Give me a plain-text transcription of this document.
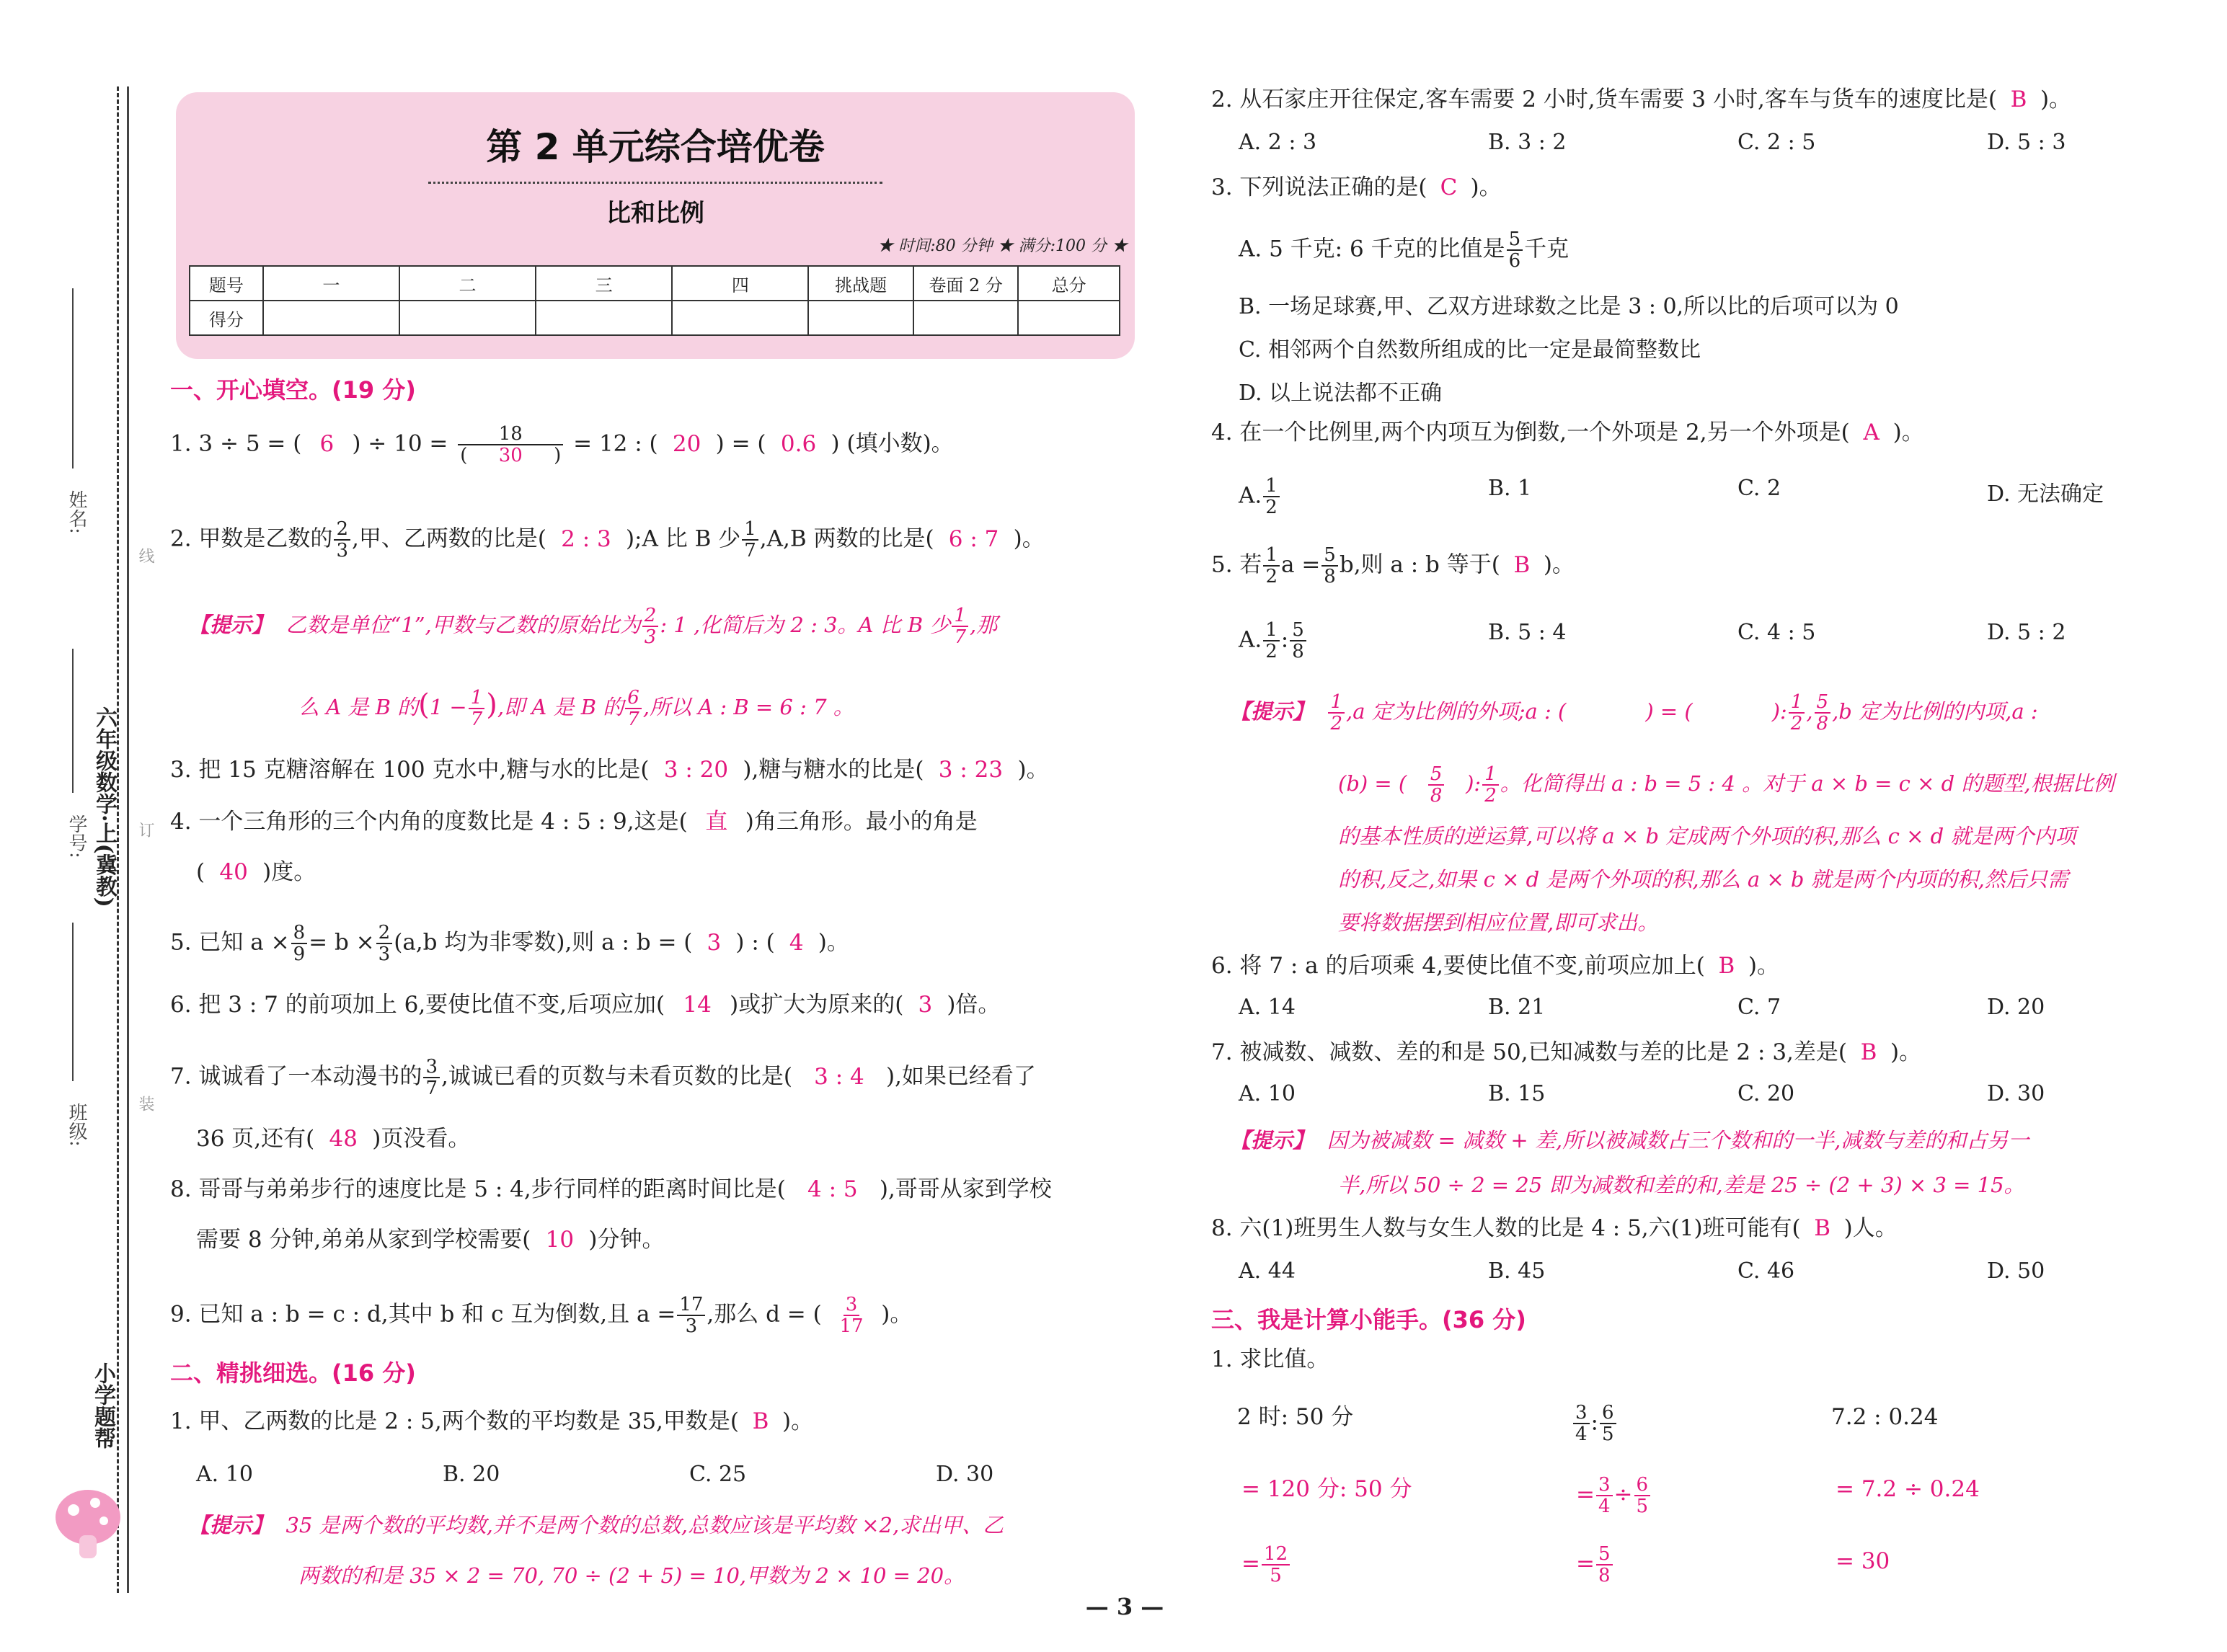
姓名:
学号: 六年级数学·上(冀教)
班级:
线
订
装
小学题帮
第 2 单元综合培优卷
比和比例
★ 时间:80 分钟 ★ 满分:100 分 ★
题号	一	二	三	四	挑战题	卷面 2 分	总分
得分							
一、开心填空。(19 分)
1. 3 ÷ 5 = ( 6 ) ÷ $10 = \frac{18}{( 30 )} = 12$ : ( 20 ) = ( 0.6 ) (填小数)。
2. 甲数是乙数的 $\frac{2}{3}$ ,甲、乙两数的比是( 2 : 3 );A 比 B 少 $\frac{1}{7} ,A,B$ 两数的比是( 6 : 7 )。
【提示】 乙数是单位“1”,甲数与乙数的原始比为 $\frac{2}{3}$ : 1 ,化简后为 2 : 3。A 比 B 少 $\frac{1}{7}$ ,那
么 A 是 B 的($1 - \frac{1}{7}$ ),即 A 是 B 的 $\frac{6}{7}$ ,所以 A : B = 6 : 7 。
3. 把 15 克糖溶解在 100 克水中,糖与水的比是( 3 : 20 ),糖与糖水的比是( 3 : 23 )。
4. 一个三角形的三个内角的度数比是 4 : 5 : 9,这是( 直 )角三角形。最小的角是
( 40 )度。
5. 已知 $a \times \frac{8}{9} = b \times \frac{2}{3} (a,b$ 均为非零数),则 a : b = ( 3 ) : ( 4 )。
6. 把 3 : 7 的前项加上 6,要使比值不变,后项应加( 14 )或扩大为原来的( 3 )倍。
7. 诚诚看了一本动漫书的 $\frac{3}{7}$ ,诚诚已看的页数与未看页数的比是( 3 : 4 ),如果已经看了
36 页,还有( 48 )页没看。
8. 哥哥与弟弟步行的速度比是 5 : 4,步行同样的距离时间比是( 4 : 5 ),哥哥从家到学校
需要 8 分钟,弟弟从家到学校需要( 10 )分钟。
9. 已知 a : b = c : d,其中 b 和 c 互为倒数,且 $a = \frac{17}{3}$ ,那么 d = ( $\frac{3}{17}$ )。
二、精挑细选。(16 分)
1. 甲、乙两数的比是 2 : 5,两个数的平均数是 35,甲数是( B )。
A. 10	B. 20	C. 25	D. 30
【提示】 35 是两个数的平均数,并不是两个数的总数,总数应该是平均数 ×2,求出甲、乙
两数的和是 35 × 2 = 70, 70 ÷ (2 + 5) = 10,甲数为 2 × 10 = 20。
2. 从石家庄开往保定,客车需要 2 小时,货车需要 3 小时,客车与货车的速度比是( B )。
A. 2 : 3	B. 3 : 2	C. 2 : 5	D. 5 : 3
3. 下列说法正确的是( C )。
A. 5 千克: 6 千克的比值是 $\frac{5}{6}$ 千克
B. 一场足球赛,甲、乙双方进球数之比是 3 : 0,所以比的后项可以为 0
C. 相邻两个自然数所组成的比一定是最简整数比
D. 以上说法都不正确
4. 在一个比例里,两个内项互为倒数,一个外项是 2,另一个外项是( A )。
A. $\frac{1}{2}$	B. 1	C. 2	D. 无法确定
5. 若 $\frac{1}{2}$ $a = \frac{5}{8} b$,则 a : b 等于( B )。
A. $\frac{1}{2}$ : $\frac{5}{8}$	B. 5 : 4	C. 4 : 5	D. 5 : 2
【提示】 $\frac{1}{2} ,a$ 定为比例的外项;a : (	) = (	): $\frac{1}{2}$ , $\frac{5}{8} ,b$ 定为比例的内项,a :
(b) = ( $\frac{5}{8}$ ): $\frac{1}{2}$ 。化简得出 a : b = 5 : 4 。对于 a × b = c × d 的题型,根据比例
的基本性质的逆运算,可以将 a × b 定成两个外项的积,那么 c × d 就是两个内项
的积,反之,如果 c × d 是两个外项的积,那么 a × b 就是两个内项的积,然后只需
要将数据摆到相应位置,即可求出。
6. 将 7 : a 的后项乘 4,要使比值不变,前项应加上( B )。
A. 14	B. 21	C. 7	D. 20
7. 被减数、减数、差的和是 50,已知减数与差的比是 2 : 3,差是( B )。
A. 10	B. 15	C. 20	D. 30
【提示】 因为被减数 = 减数 + 差,所以被减数占三个数和的一半,减数与差的和占另一
半,所以 50 ÷ 2 = 25 即为减数和差的和,差是 25 ÷ (2 + 3) × 3 = 15。
8. 六(1)班男生人数与女生人数的比是 4 : 5,六(1)班可能有( B )人。
A. 44	B. 45	C. 46	D. 50
三、我是计算小能手。(36 分)
1. 求比值。
2 时: 50 分
= 120 分: 50 分
= $\frac{12}{5}$
$\frac{3}{4}$ : $\frac{6}{5}$
= $\frac{3}{4} \div \frac{6}{5}$
= $\frac{5}{8}$
7.2 : 0.24
= 7.2 ÷ 0.24
= 30
— 3 —
